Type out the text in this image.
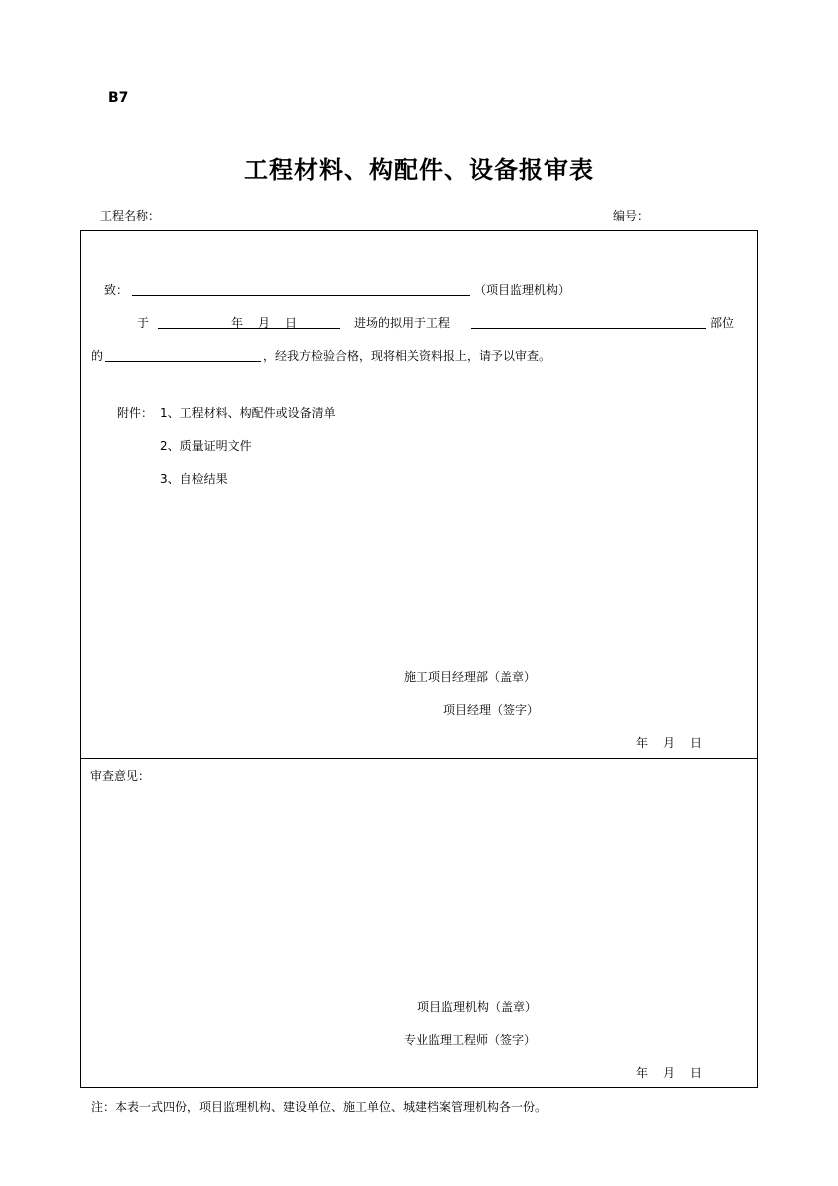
B7
工程材料、构配件、设备报审表
工程名称：	编号：
致：	（项目监理机构）
于	年 月 日	进场的拟用于工程	部位
的	，经我方检验合格，现将相关资料报上，请予以审查。
附件： 1、工程材料、构配件或设备清单
2、质量证明文件
3、自检结果
施工项目经理部（盖章）
项目经理（签字）
年 月 日
审查意见：
项目监理机构（盖章）
专业监理工程师（签字）
年 月 日
注：本表一式四份，项目监理机构、建设单位、施工单位、城建档案管理机构各一份。
